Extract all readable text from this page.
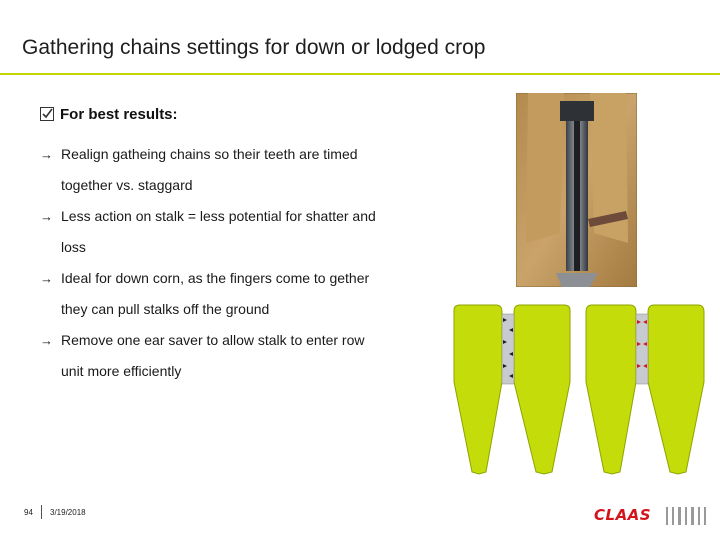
Gathering chains settings for down or lodged crop
For best results:
→ Realign gatheing chains so their teeth are timed
together vs. staggard
→ Less action on stalk = less potential for shatter and
loss
→ Ideal for down corn, as the fingers come to gether
they can pull stalks off the ground
→ Remove one ear saver to allow stalk to enter row
unit more efficiently
94 3/19/2018	CLAAS
